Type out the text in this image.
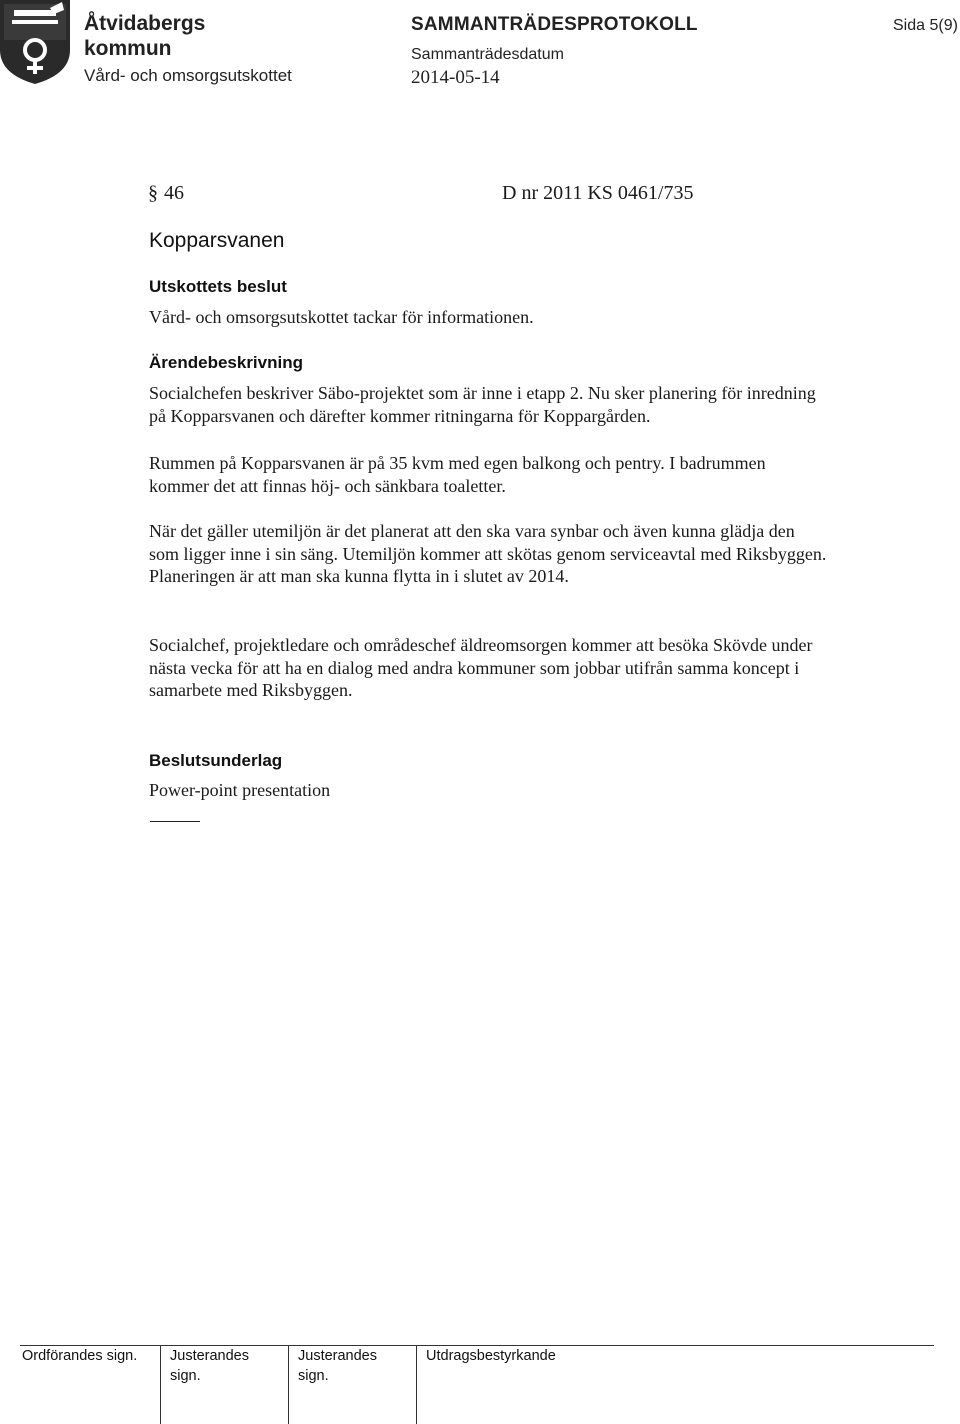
Åtvidabergs
kommun
Vård- och omsorgsutskottet
SAMMANTRÄDESPROTOKOLL
Sammanträdesdatum
2014-05-14
Sida 5(9)
§ 46	D nr 2011 KS 0461/735
Kopparsvanen
Utskottets beslut
Vård- och omsorgsutskottet tackar för informationen.
Ärendebeskrivning

Socialchefen beskriver Säbo-projektet som är inne i etapp 2. Nu sker planering för inredning på Kopparsvanen och därefter kommer ritningarna för Koppargården.

Rummen på Kopparsvanen är på 35 kvm med egen balkong och pentry. I badrummen kommer det att finnas höj- och sänkbara toaletter.

När det gäller utemiljön är det planerat att den ska vara synbar och även kunna glädja den som ligger inne i sin säng. Utemiljön kommer att skötas genom serviceavtal med Riksbyggen. Planeringen är att man ska kunna flytta in i slutet av 2014.

Socialchef, projektledare och områdeschef äldreomsorgen kommer att besöka Skövde under nästa vecka för att ha en dialog med andra kommuner som jobbar utifrån samma koncept i samarbete med Riksbyggen.

Beslutsunderlag
Power-point presentation
Ordförandes sign. Justerandes
sign.
Justerandes
sign.
Utdragsbestyrkande
